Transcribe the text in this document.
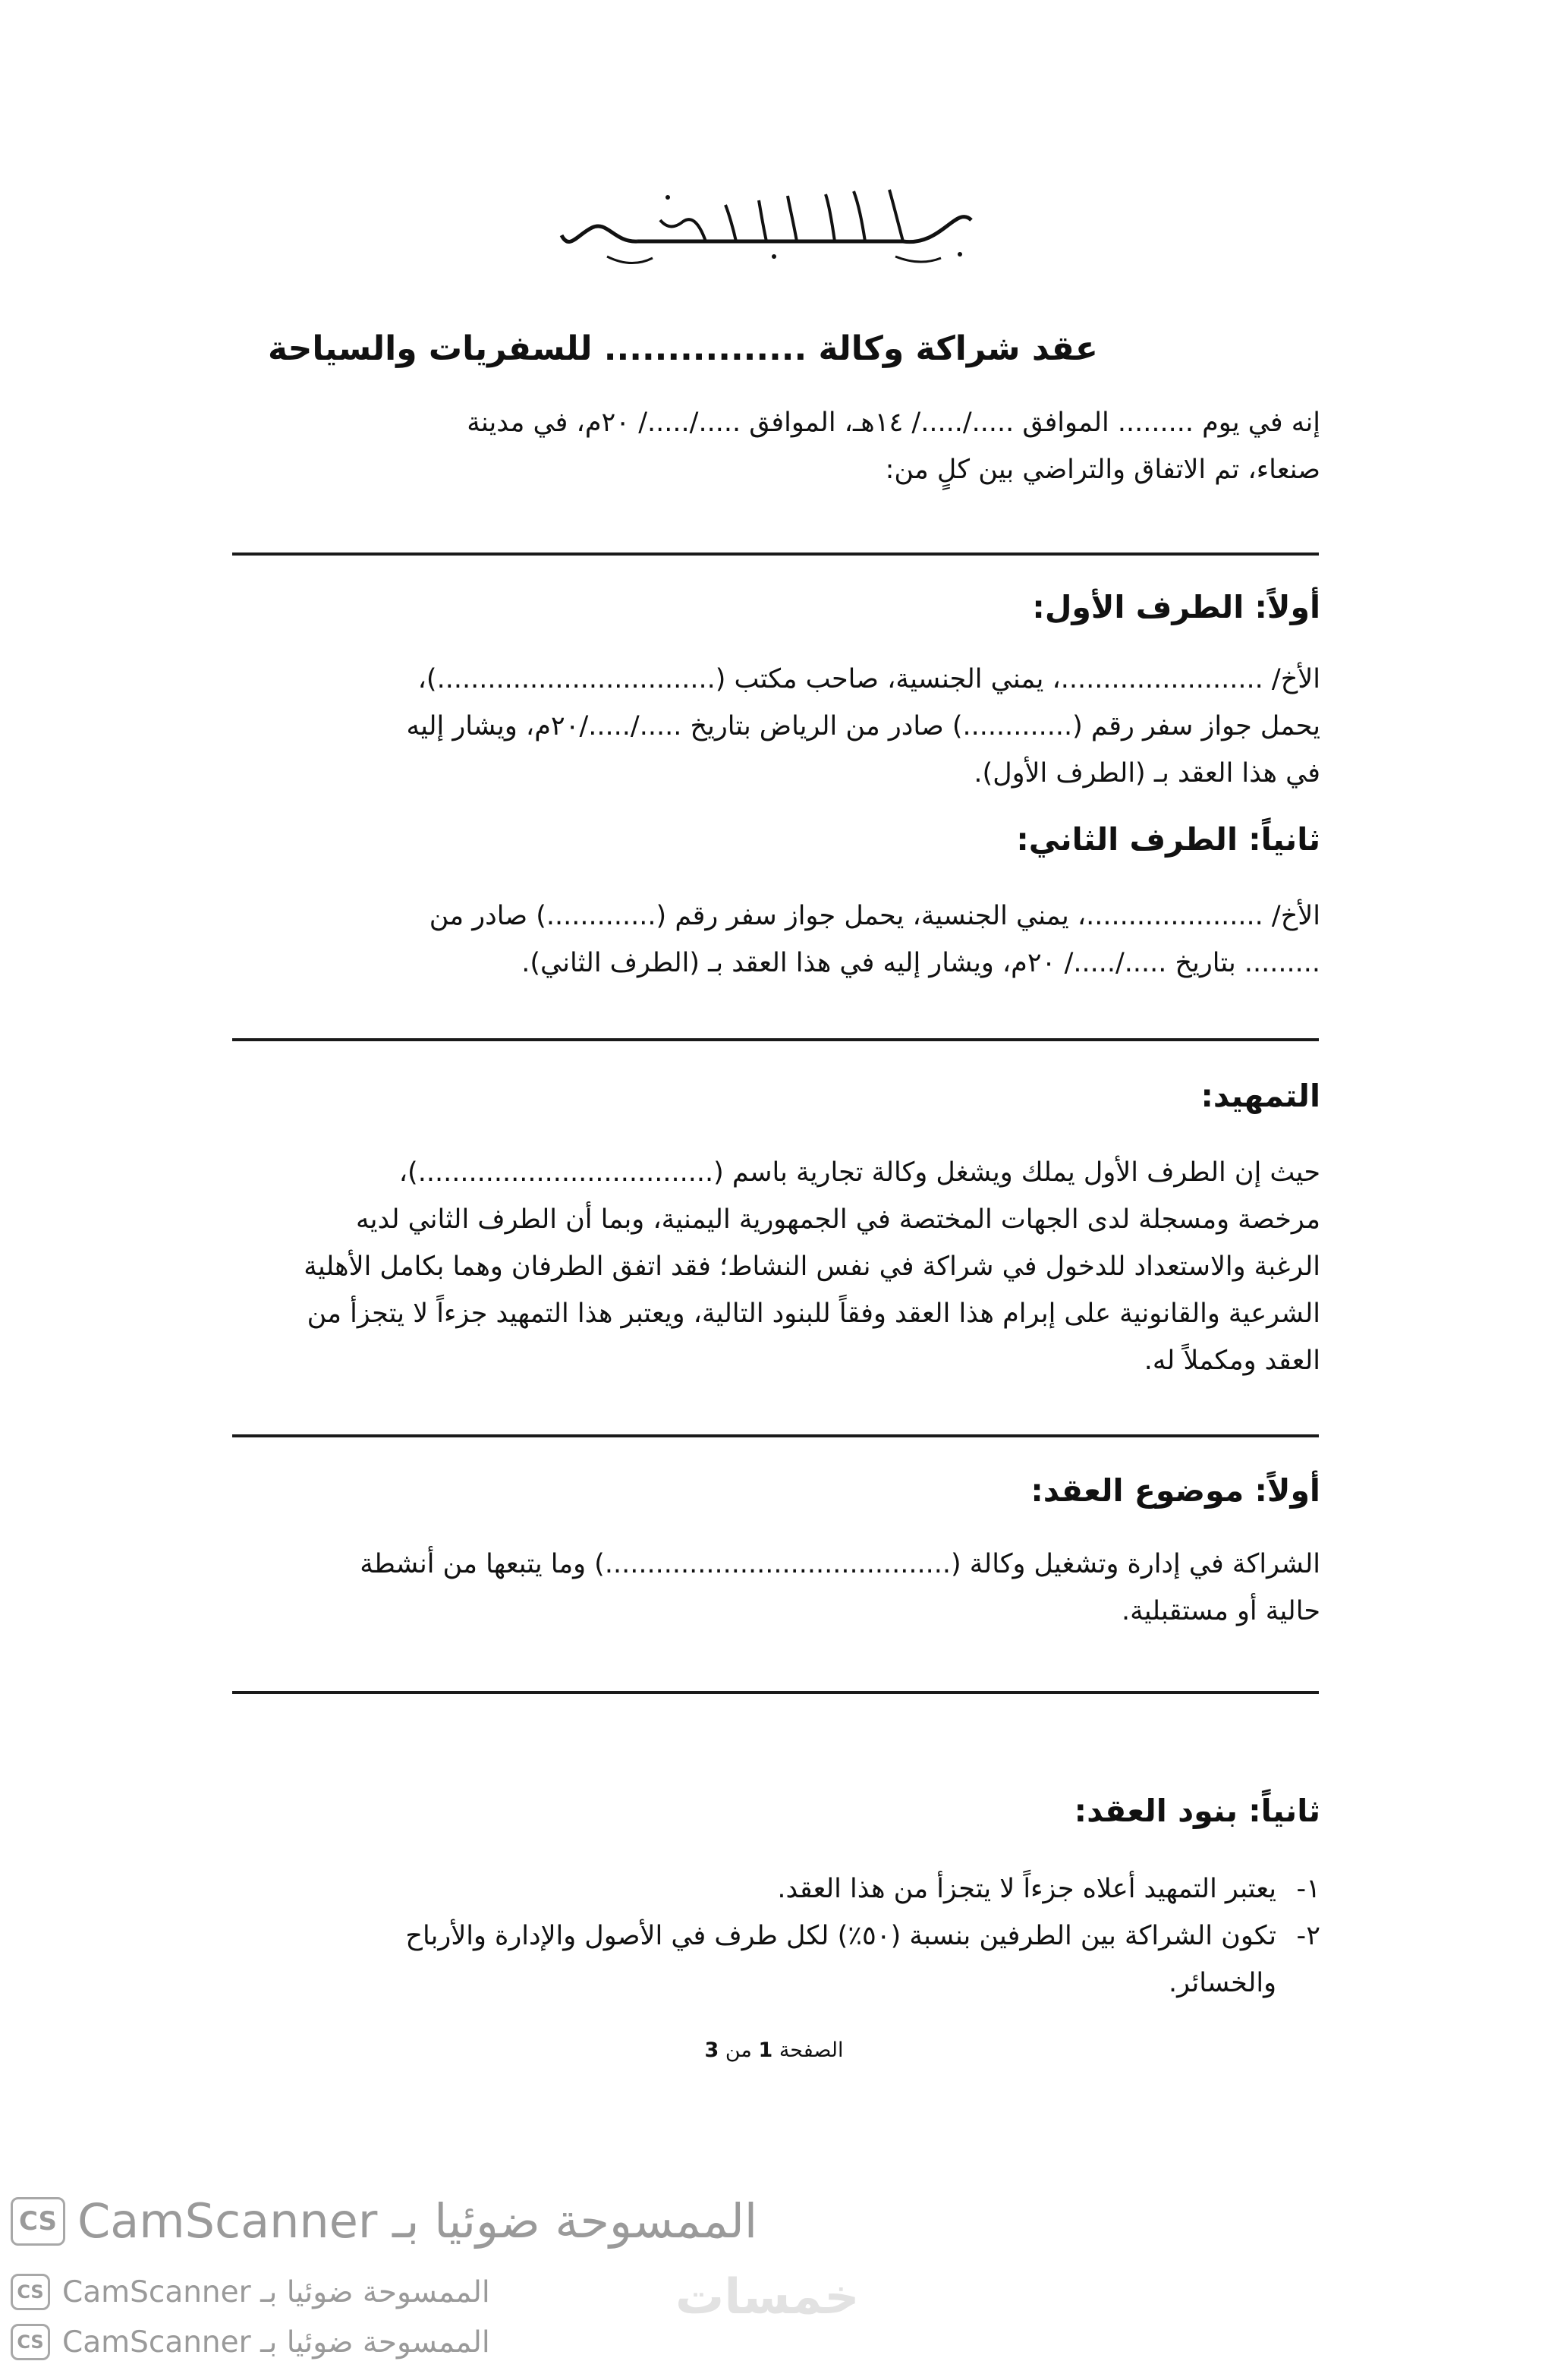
عقد شراكة وكالة ................ للسفريات والسياحة
إنه في يوم ......... الموافق ...../...../ ١٤هـ، الموافق ...../...../ ٢٠م، في مدينة
صنعاء، تم الاتفاق والتراضي بين كلٍ من:
أولاً: الطرف الأول:
الأخ/ ........................، يمني الجنسية، صاحب مكتب (.................................)،
يحمل جواز سفر رقم (.............) صادر من الرياض بتاريخ ...../...../٢٠م، ويشار إليه
في هذا العقد بـ (الطرف الأول).
ثانياً: الطرف الثاني:
الأخ/ .....................، يمني الجنسية، يحمل جواز سفر رقم (.............) صادر من
......... بتاريخ ...../...../ ٢٠م، ويشار إليه في هذا العقد بـ (الطرف الثاني).
التمهيد:
حيث إن الطرف الأول يملك ويشغل وكالة تجارية باسم (...................................)،
مرخصة ومسجلة لدى الجهات المختصة في الجمهورية اليمنية، وبما أن الطرف الثاني لديه
الرغبة والاستعداد للدخول في شراكة في نفس النشاط؛ فقد اتفق الطرفان وهما بكامل الأهلية
الشرعية والقانونية على إبرام هذا العقد وفقاً للبنود التالية، ويعتبر هذا التمهيد جزءاً لا يتجزأ من
العقد ومكملاً له.
أولاً: موضوع العقد:
الشراكة في إدارة وتشغيل وكالة (.........................................) وما يتبعها من أنشطة
حالية أو مستقبلية.
ثانياً: بنود العقد:
١-يعتبر التمهيد أعلاه جزءاً لا يتجزأ من هذا العقد.
٢-تكون الشراكة بين الطرفين بنسبة (٥٠٪) لكل طرف في الأصول والإدارة والأرباح
والخسائر.
الصفحة 1 من 3
CS الممسوحة ضوئيا بـ CamScanner
CS الممسوحة ضوئيا بـ CamScanner
CS الممسوحة ضوئيا بـ CamScanner
خمسات
